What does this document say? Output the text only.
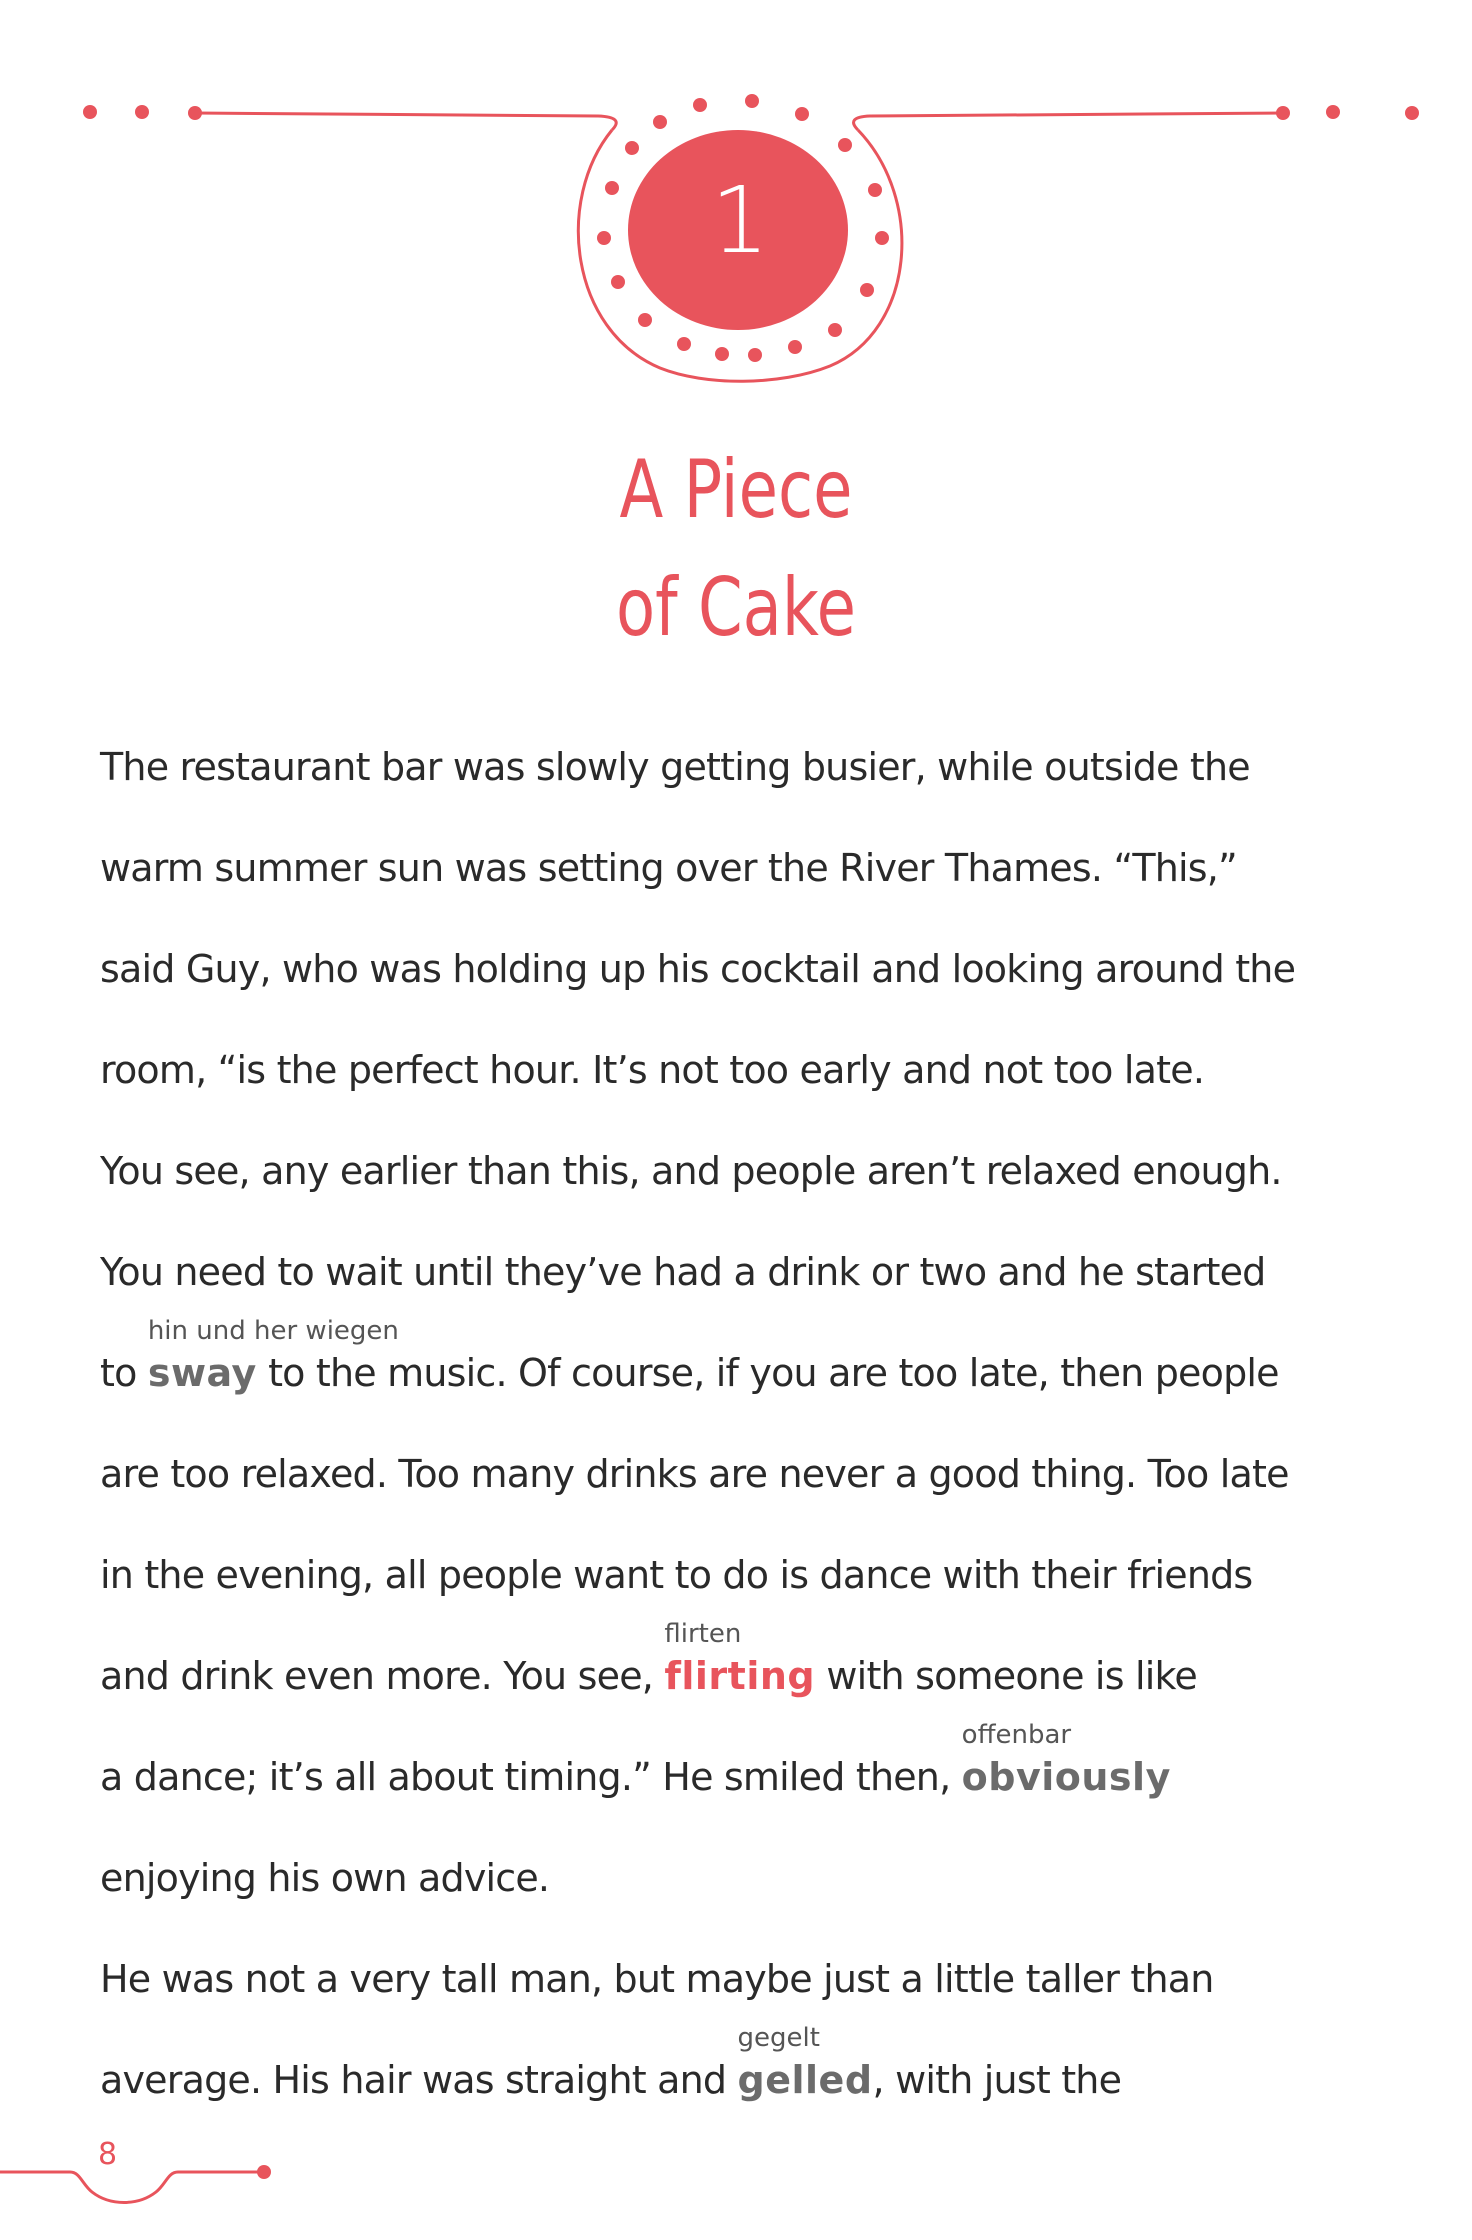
1
A Piece
of Cake

The restaurant bar was slowly getting busier, while outside the
warm summer sun was setting over the River Thames. “This,”
said Guy, who was holding up his cocktail and looking around the
room, “is the perfect hour. It’s not too early and not too late.
You see, any earlier than this, and people aren’t relaxed enough.
You need to wait until they’ve had a drink or two and he started
to
hin und her wiegen
sway to the music. Of course, if you are too late, then people
are too relaxed. Too many drinks are never a good thing. Too late
in the evening, all people want to do is dance with their friends
and drink even more. You see,
flirten
flirting with someone is like
a dance; it’s all about timing.” He smiled then,
offenbar
obviously
enjoying his own advice.

He was not a very tall man, but maybe just a little taller than
average. His hair was straight and
gegelt
gelled, with just the

8
